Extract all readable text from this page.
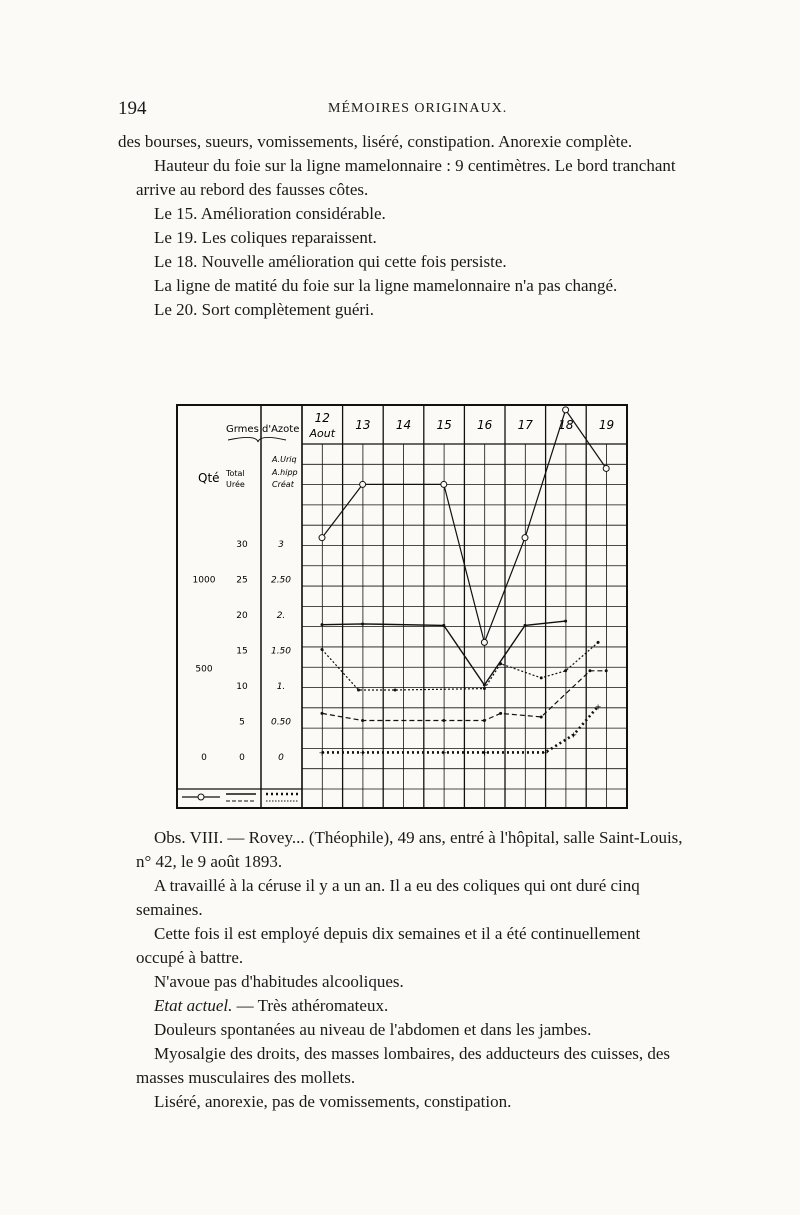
194	MÉMOIRES ORIGINAUX.

des bourses, sueurs, vomissements, liséré, constipation. Anorexie complète.

Hauteur du foie sur la ligne mamelonnaire : 9 centimètres. Le bord tranchant arrive au rebord des fausses côtes.

Le 15. Amélioration considérable.

Le 19. Les coliques reparaissent.

Le 18. Nouvelle amélioration qui cette fois persiste.

La ligne de matité du foie sur la ligne mamelonnaire n'a pas changé.

Le 20. Sort complètement guéri.

Grmes d'Azote
Qté Total
Urée
A.Uriq
A.hipp
Créat
12
Aout
13 14 15 16 17 18 19
1000
500
0
30
25
20
15
10
5
0
3
2.50
2.
1.50
1.
0.50
0
+	+	+	+	+
+
+

Obs. VIII. — Rovey... (Théophile), 49 ans, entré à l'hôpital, salle Saint-Louis, n° 42, le 9 août 1893.

A travaillé à la céruse il y a un an. Il a eu des coliques qui ont duré cinq semaines.

Cette fois il est employé depuis dix semaines et il a été continuellement occupé à battre.

N'avoue pas d'habitudes alcooliques.

Etat actuel. — Très athéromateux.

Douleurs spontanées au niveau de l'abdomen et dans les jambes.

Myosalgie des droits, des masses lombaires, des adducteurs des cuisses, des masses musculaires des mollets.

Liséré, anorexie, pas de vomissements, constipation.
